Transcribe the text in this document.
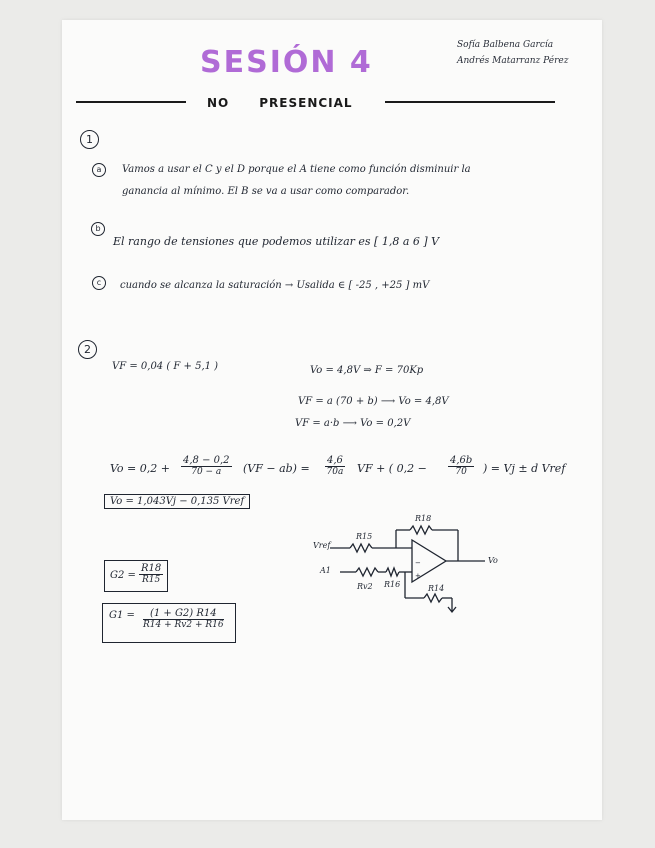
SESIÓN 4	Sofía Balbena García
Andrés Matarranz Pérez
NO	PRESENCIAL
1
a	Vamos a usar el C y el D porque el A tiene como función disminuir la
ganancia al mínimo. El B se va a usar como comparador.
b
El rango de tensiones que podemos utilizar es [ 1,8 a 6 ] V
c	cuando se alcanza la saturación → Usalida ∈ [ -25 , +25 ] mV
2
VF = 0,04 ( F + 5,1 )	Vo = 4,8V ⇒ F = 70Kp
VF = a (70 + b) ⟶ Vo = 4,8V
VF = a·b ⟶ Vo = 0,2V
$Vo = 0,2 + \frac{4,8 - 0,2}{70 - a} (VF - ab) = \frac{4,6}{70a}$ VF + ( $0,2 - \frac{4,6b}{70}$ ) = Vj ± d Vref
Vo = 1,043Vj − 0,135 Vref
$G2 = \frac{R18}{R15}$
$G1 = \frac{(1 + G2) R14}{R14 + Rv2 + R16}$
−
+
Vref
R15
R18
Vo
A1
Rv2 R16	R14
